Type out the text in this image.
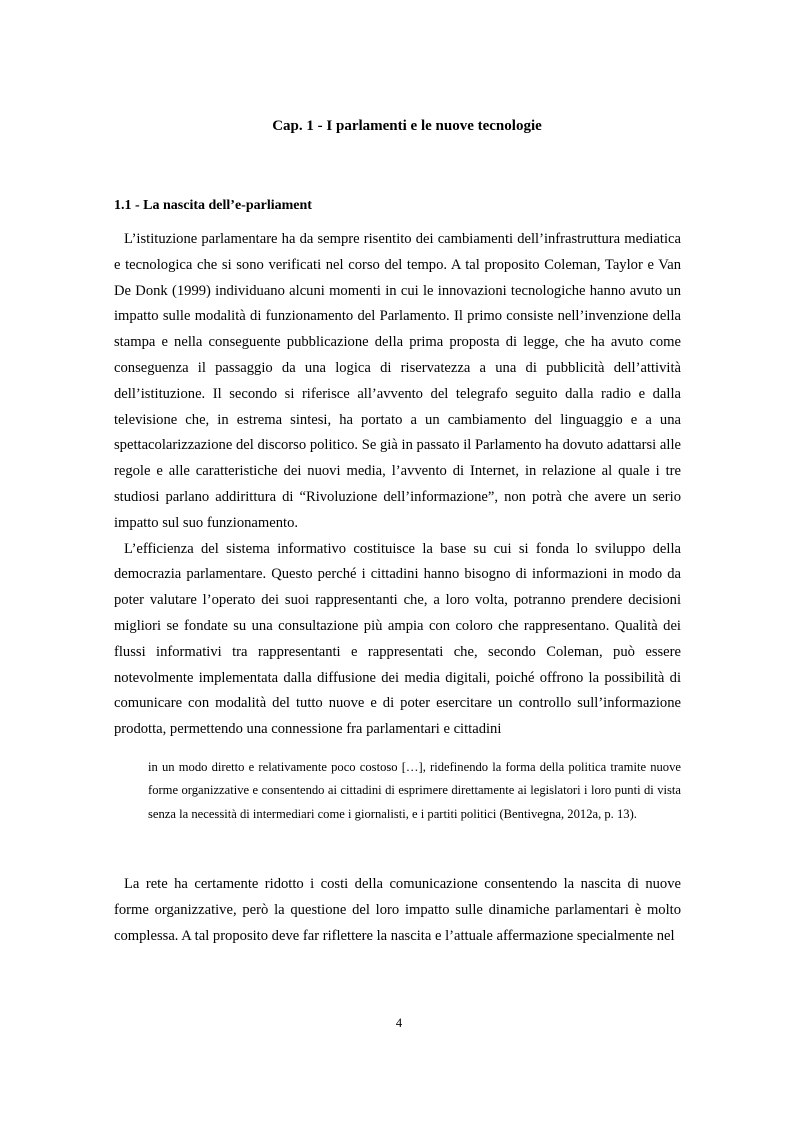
Cap. 1 - I parlamenti e le nuove tecnologie
1.1 - La nascita dell’e-parliament

L’istituzione parlamentare ha da sempre risentito dei cambiamenti dell’infrastruttura mediatica e tecnologica che si sono verificati nel corso del tempo. A tal proposito Coleman, Taylor e Van De Donk (1999) individuano alcuni momenti in cui le innovazioni tecnologiche hanno avuto un impatto sulle modalità di funzionamento del Parlamento. Il primo consiste nell’invenzione della stampa e nella conseguente pubblicazione della prima proposta di legge, che ha avuto come conseguenza il passaggio da una logica di riservatezza a una di pubblicità dell’attività dell’istituzione. Il secondo si riferisce all’avvento del telegrafo seguito dalla radio e dalla televisione che, in estrema sintesi, ha portato a un cambiamento del linguaggio e a una spettacolarizzazione del discorso politico. Se già in passato il Parlamento ha dovuto adattarsi alle regole e alle caratteristiche dei nuovi media, l’avvento di Internet, in relazione al quale i tre studiosi parlano addirittura di “Rivoluzione dell’informazione”, non potrà che avere un serio impatto sul suo funzionamento.

L’efficienza del sistema informativo costituisce la base su cui si fonda lo sviluppo della democrazia parlamentare. Questo perché i cittadini hanno bisogno di informazioni in modo da poter valutare l’operato dei suoi rappresentanti che, a loro volta, potranno prendere decisioni migliori se fondate su una consultazione più ampia con coloro che rappresentano. Qualità dei flussi informativi tra rappresentanti e rappresentati che, secondo Coleman, può essere notevolmente implementata dalla diffusione dei media digitali, poiché offrono la possibilità di comunicare con modalità del tutto nuove e di poter esercitare un controllo sull’informazione prodotta, permettendo una connessione fra parlamentari e cittadini

in un modo diretto e relativamente poco costoso […], ridefinendo la forma della politica tramite nuove forme organizzative e consentendo ai cittadini di esprimere direttamente ai legislatori i loro punti di vista senza la necessità di intermediari come i giornalisti, e i partiti politici (Bentivegna, 2012a, p. 13).

La rete ha certamente ridotto i costi della comunicazione consentendo la nascita di nuove forme organizzative, però la questione del loro impatto sulle dinamiche parlamentari è molto complessa. A tal proposito deve far riflettere la nascita e l’attuale affermazione specialmente nel

4
